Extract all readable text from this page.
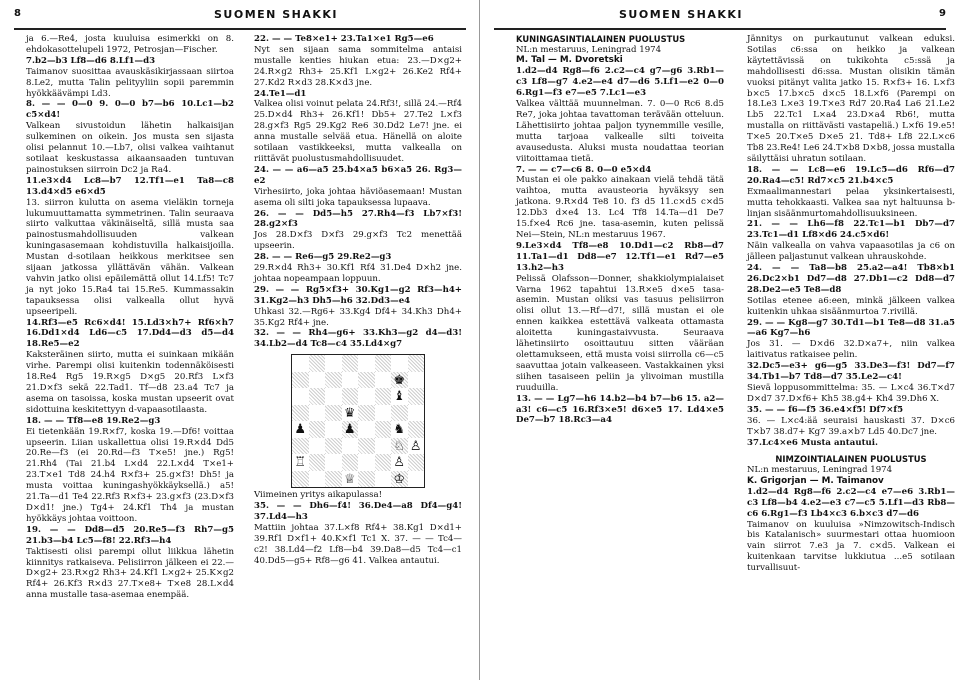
8	SUOMEN SHAKKI

ja 6.—Re4, josta kuuluisa esimerkki on 8. ehdokasottelupeli 1972, Petrosjan—Fischer.

7.b2—b3 Lf8—d6 8.Lf1—d3

Taimanov suosittaa avauskäsikirjassaan siirtoa 8.Le2, mutta Talin pelityyliin sopii paremmin hyökkäävämpi Ld3.

8. — — 0—0 9. 0—0 b7—b6 10.Lc1—b2 c5×d4!

Valkean sivustoidun lähetin halkaisijan sulkeminen on oikein. Jos musta sen sijasta olisi pelannut 10.—Lb7, olisi valkea vaihtanut sotilaat keskustassa aikaansaaden tuntuvan painostuksen siirroin Dc2 ja Ra4.

11.e3×d4 Lc8—b7 12.Tf1—e1 Ta8—c8 13.d4×d5 e6×d5

13. siirron kulutta on asema vieläkin torneja lukumuuttamatta symmetrinen. Talin seuraava siirto valkuttaa väkinäiseltä, sillä musta saa painostusmahdollisuuden valkean kuningasasemaan kohdistuvilla halkaisijoilla. Mustan d-sotilaan heikkous merkitsee sen sijaan jatkossa yllättävän vähän. Valkean vahvin jatko olisi epäilemättä ollut 14.Lf5! Tc7 ja nyt joko 15.Ra4 tai 15.Re5. Kummassakin tapauksessa olisi valkealla ollut hyvä upseeripeli.

14.Rf3—e5 Rc6×d4! 15.Ld3×h7+ Rf6×h7 16.Dd1×d4 Ld6—c5 17.Dd4—d3 d5—d4 18.Re5—e2

Kaksteräinen siirto, mutta ei suinkaan mikään virhe. Parempi olisi kuitenkin todennäköisesti 18.Re4 Rg5 19.R×g5 D×g5 20.Rf3 L×f3 21.D×f3 sekä 22.Tad1. Tf—d8 23.a4 Tc7 ja asema on tasoissa, koska mustan upseerit ovat sidottuina keskitettyyn d-vapaasotilaasta.

18. — — Tf8—e8 19.Re2—g3

Ei tietenkään 19.R×f7, koska 19.—Df6! voittaa upseerin. Liian uskallettua olisi 19.R×d4 Dd5 20.Re—f3 (ei 20.Rd—f3 T×e5! jne.) Rg5! 21.Rh4 (Tai 21.b4 L×d4 22.L×d4 T×e1+ 23.T×e1 Td8 24.h4 R×f3+ 25.g×f3! Dh5! ja musta voittaa kuningashyökkäyksellä.) a5! 21.Ta—d1 Te4 22.Rf3 R×f3+ 23.g×f3 (23.D×f3 D×d1! jne.) Tg4+ 24.Kf1 Th4 ja mustan hyökkäys johtaa voittoon.

19. — — Dd8—d5 20.Re5—f3 Rh7—g5 21.b3—b4 Lc5—f8! 22.Rf3—h4

Taktisesti olisi parempi ollut liikkua lähetin kiinnitys ratkaiseva. Pelisiirron jälkeen ei 22.—D×g2+ 23.R×g2 Rh3+ 24.Kf1 L×g2+ 25.K×g2 Rf4+ 26.Kf3 R×d3 27.T×e8+ T×e8 28.L×d4 anna mustalle tasa-asemaa enempää.

22. — — Te8×e1+ 23.Ta1×e1 Rg5—e6

Nyt sen sijaan sama sommitelma antaisi mustalle kenties hiukan etua: 23.—D×g2+ 24.R×g2 Rh3+ 25.Kf1 L×g2+ 26.Ke2 Rf4+ 27.Kd2 R×d3 28.K×d3 jne.

24.Te1—d1

Valkea olisi voinut pelata 24.Rf3!, sillä 24.—Rf4 25.D×d4 Rh3+ 26.Kf1! Db5+ 27.Te2 L×f3 28.g×f3 Rg5 29.Kg2 Re6 30.Dd2 Le7! jne. ei anna mustalle selvää etua. Hänellä on aloite sotilaan vastikkeeksi, mutta valkealla on riittävät puolustusmahdollisuudet.

24. — — a6—a5 25.b4×a5 b6×a5 26. Rg3—e2

Virhesiirto, joka johtaa häviöasemaan! Mustan asema oli silti joka tapauksessa lupaava.

26. — — Dd5—h5 27.Rh4—f3 Lb7×f3! 28.g2×f3

Jos 28.D×f3 D×f3 29.g×f3 Tc2 menettää upseerin.

28. — — Re6—g5 29.Re2—g3

29.R×d4 Rh3+ 30.Kf1 Rf4 31.De4 D×h2 jne. johtaa nopeampaan loppuun.

29. — — Rg5×f3+ 30.Kg1—g2 Rf3—h4+ 31.Kg2—h3 Dh5—h6 32.Dd3—e4

Uhkasi 32.—Rg6+ 33.Kg4 Df4+ 34.Kh3 Dh4+ 35.Kg2 Rf4+ jne.

32. — — Rh4—g6+ 33.Kh3—g2 d4—d3! 34.Lb2—d4 Tc8—c4 35.Ld4×g7

♚
♝
♛
♟	♟	♞
♘ ♙
♖	♙
♕	♔

Viimeinen yritys aikapulassa!

35. — — Dh6—f4! 36.De4—a8 Df4—g4! 37.Ld4—h3

Mattiin johtaa 37.L×f8 Rf4+ 38.Kg1 D×d1+ 39.Rf1 D×f1+ 40.K×f1 Tc1 X. 37. — — Tc4—c2! 38.Ld4—f2 Lf8—b4 39.Da8—d5 Tc4—c1 40.Dd5—g5+ Rf8—g6 41. Valkea antautui.

SUOMEN SHAKKI	9

KUNINGASINTIALAINEN PUOLUSTUS

NL:n mestaruus, Leningrad 1974

M. Tal — M. Dvoretski

1.d2—d4 Rg8—f6 2.c2—c4 g7—g6 3.Rb1—c3 Lf8—g7 4.e2—e4 d7—d6 5.Lf1—e2 0—0 6.Rg1—f3 e7—e5 7.Lc1—e3

Valkea välttää muunnelman. 7. 0—0 Rc6 8.d5 Re7, joka johtaa tavattoman terävään otteluun. Lähettisiirto johtaa paljon tyynemmille vesille, mutta tarjoaa valkealle silti toiveita avausedusta. Aluksi musta noudattaa teorian viitoittamaa tietä.

7. — — c7—c6 8. 0—0 e5×d4

Mustan ei ole pakko ainakaan vielä tehdä tätä vaihtoa, mutta avausteoria hyväksyy sen jatkona. 9.R×d4 Te8 10. f3 d5 11.c×d5 c×d5 12.Db3 d×e4 13. Lc4 Tf8 14.Ta—d1 De7 15.f×e4 Rc6 jne. tasa-asemin, kuten pelissä Nei—Stein, NL:n mestaruus 1967.

9.Le3×d4 Tf8—e8 10.Dd1—c2 Rb8—d7 11.Ta1—d1 Dd8—e7 12.Tf1—e1 Rd7—e5 13.h2—h3

Pelissä Olafsson—Donner, shakkiolympialaiset Varna 1962 tapahtui 13.R×e5 d×e5 tasa-asemin. Mustan oliksi vas tasuus pelisiirron olisi ollut 13.—Rf—d7!, sillä mustan ei ole ennen kaikkea estettävä valkeata ottamasta aloitetta kuningastaivvusta. Seuraava lähetinsiirto osoittautuu sitten vääräan olettamukseen, että musta voisi siirrolla c6—c5 saavuttaa jotain valkeaseen. Vastakkainen yksi siihen tasaiseen peliin ja ylivoiman mustilla ruuduilla.

13. — — Lg7—h6 14.b2—b4 b7—b6 15. a2—a3! c6—c5 16.Rf3×e5! d6×e5 17. Ld4×e5 De7—b7 18.Rc3—a4

Jännitys on purkautunut valkean eduksi. Sotilas c6:ssa on heikko ja valkean käytettävissä on tukikohta c5:ssä ja mahdollisesti d6:ssa. Mustan olisikin tämän vuoksi pitänyt valita jatko 15. R×f3+ 16. L×f3 b×c5 17.b×c5 d×c5 18.L×f6 (Parempi on 18.Le3 L×e3 19.T×e3 Rd7 20.Ra4 La6 21.Le2 Lb5 22.Tc1 L×a4 23.D×a4 Rb6!, mutta mustalla on riittävästi vastapeliä.) L×f6 19.e5! T×e5 20.T×e5 D×e5 21. Td8+ Lf8 22.L×c6 Tb8 23.Re4! Le6 24.T×b8 D×b8, jossa mustalla säilyttäisi uhratun sotilaan.

18. — — Lc8—e6 19.Lc5—d6 Rf6—d7 20.Ra4—c5! Rd7×c5 21.b4×c5

Exmaalimannestari pelaa yksinkertaisesti, mutta tehokkaasti. Valkea saa nyt haltuunsa b-linjan sisäänmurtomahdollisuuksineen.

21. — — Lh6—f8 22.Tc1—b1 Db7—d7 23.Tc1—d1 Lf8×d6 24.c5×d6!

Näin valkealla on vahva vapaasotilas ja c6 on jälleen paljastunut valkean uhrauskohde.

24. — — Ta8—b8 25.a2—a4! Tb8×b1 26.Dc2×b1 Dd7—d8 27.Db1—c2 Dd8—d7 28.De2—e5 Te8—d8

Sotilas etenee a6:een, minkä jälkeen valkea kuitenkin uhkaa sisäänmurtoa 7.rivillä.

29. — — Kg8—g7 30.Td1—b1 Te8—d8 31.a5—a6 Kg7—h6

Jos 31. — D×d6 32.D×a7+, niin valkea laitivatus ratkaisee pelin.

32.Dc5—e3+ g6—g5 33.De3—f3! Dd7—f7 34.Tb1—b7 Td8—d7 35.Le2—c4!

Sievä loppusommittelma: 35. — L×c4 36.T×d7 D×d7 37.D×f6+ Kh5 38.g4+ Kh4 39.Dh6 X.

35. — — f6—f5 36.e4×f5! Df7×f5

36. — L×c4:ää seuraisi hauskasti 37. D×c6 T×b7 38.d7+ Kg7 39.a×b7 Ld5 40.Dc7 jne.

37.Lc4×e6 Musta antautui.

NIMZOINTIALAINEN PUOLUSTUS

NL:n mestaruus, Leningrad 1974

K. Grigorjan — M. Taimanov

1.d2—d4 Rg8—f6 2.c2—c4 e7—e6 3.Rb1—c3 Lf8—b4 4.e2—e3 c7—c5 5.Lf1—d3 Rb8—c6 6.Rg1—f3 Lb4×c3 6.b×c3 d7—d6

Taimanov on kuuluisa »Nimzowitsch-Indisch bis Katalanisch» suurmestari ottaa huomioon vain siirrot 7.e3 ja 7. c×d5. Valkean ei kuitenkaan tarvitse lukkiutua ...e5 sotilaan turvallisuut-
